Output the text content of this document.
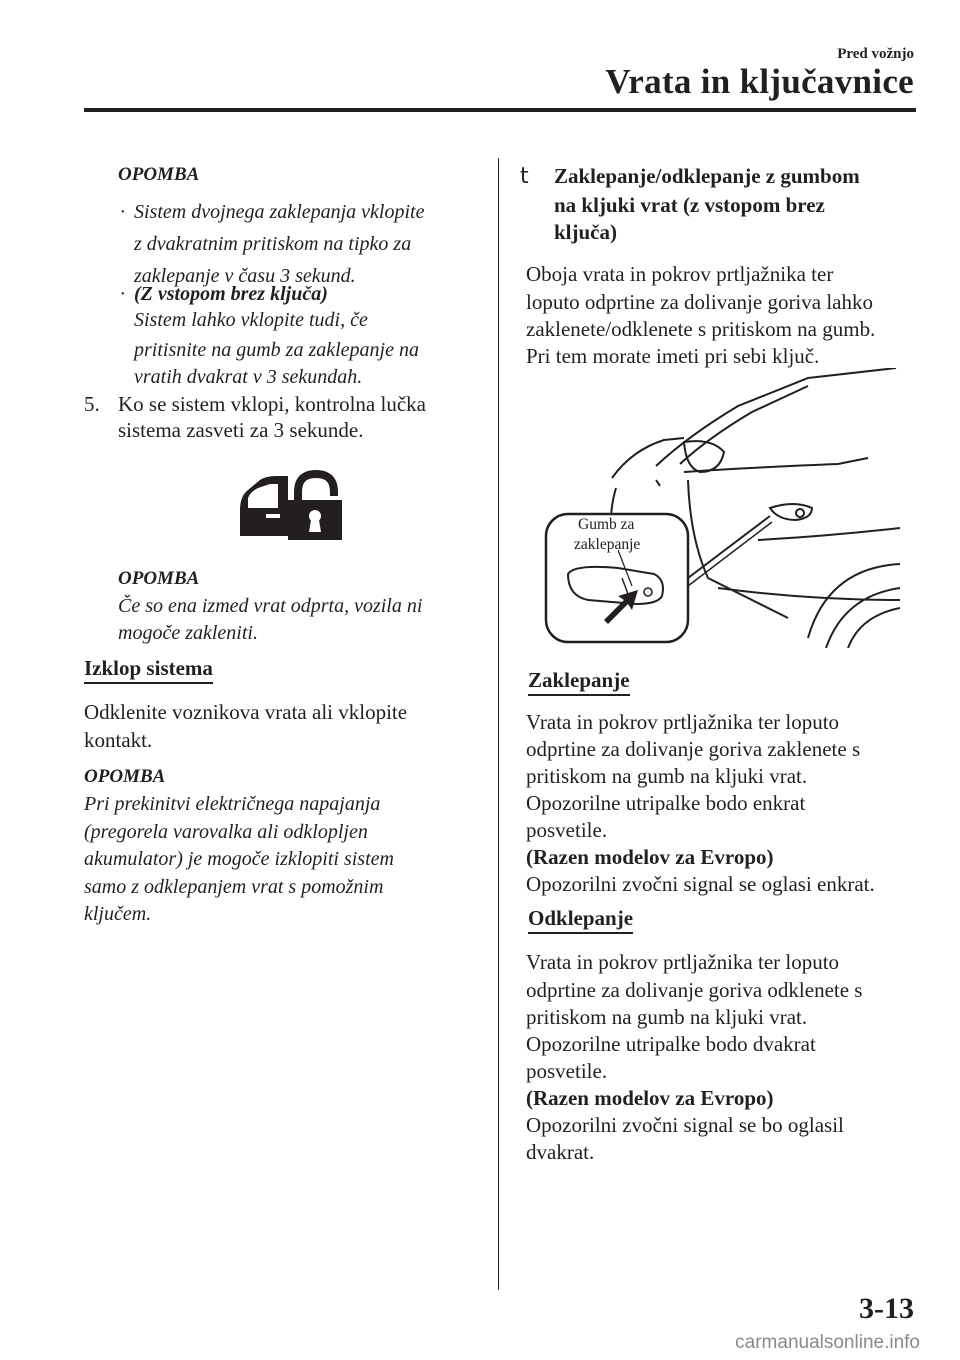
Pred vožnjo
Vrata in ključavnice
OPOMBA
· Sistem dvojnega zaklepanja vklopite
z dvakratnim pritiskom na tipko za
zaklepanje v času 3 sekund.
· (Z vstopom brez ključa)
Sistem lahko vklopite tudi, če
pritisnite na gumb za zaklepanje na
vratih dvakrat v 3 sekundah.
5. Ko se sistem vklopi, kontrolna lučka
sistema zasveti za 3 sekunde.
OPOMBA
Če so ena izmed vrat odprta, vozila ni
mogoče zakleniti.
Izklop sistema
Odklenite voznikova vrata ali vklopite
kontakt.
OPOMBA
Pri prekinitvi električnega napajanja
(pregorela varovalka ali odklopljen
akumulator) je mogoče izklopiti sistem
samo z odklepanjem vrat s pomožnim
ključem.
t Zaklepanje/odklepanje z gumbom
na kljuki vrat (z vstopom brez
ključa)
Oboja vrata in pokrov prtljažnika ter
loputo odprtine za dolivanje goriva lahko
zaklenete/odklenete s pritiskom na gumb.
Pri tem morate imeti pri sebi ključ.
Gumb za
zaklepanje
Zaklepanje
Vrata in pokrov prtljažnika ter loputo
odprtine za dolivanje goriva zaklenete s
pritiskom na gumb na kljuki vrat.
Opozorilne utripalke bodo enkrat
posvetile.
(Razen modelov za Evropo)
Opozorilni zvočni signal se oglasi enkrat.
Odklepanje
Vrata in pokrov prtljažnika ter loputo
odprtine za dolivanje goriva odklenete s
pritiskom na gumb na kljuki vrat.
Opozorilne utripalke bodo dvakrat
posvetile.
(Razen modelov za Evropo)
Opozorilni zvočni signal se bo oglasil
dvakrat.
3-13
carmanualsonline.info
